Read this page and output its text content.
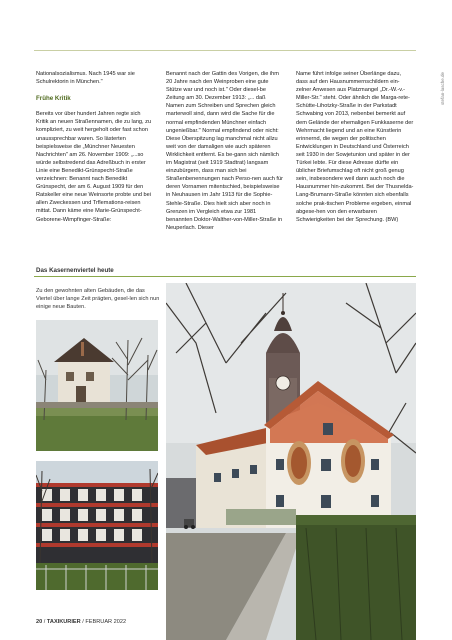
Nationalsozialismus. Nach 1945 war sie Schulrektorin in München."

Frühe Kritik

Bereits vor über hundert Jahren regte sich Kritik an neuen Straßennamen, die zu lang, zu kompliziert, zu weit hergeholt oder fast schon unaussprechbar waren. So lästerten beispielsweise die „Münchner Neuesten Nachrichten" am 26. November 1909: „...so würde selbstredend das Adreßbuch in erster Linie eine Benedikt-Grünspecht-Straße verzeichnen: Benannt nach Benedikt Grünspecht, der am 6. August 1909 für den Ratskeller eine neue Weinsorte probte und bei allen Zweckessen und Trflemations-reisen mittat. Dann käme eine Marie-Grünspecht- Geborene-Wimpfinger-Straße:

Benannt nach der Gattin des Vorigen, die ihm 20 Jahre nach den Weinproben eine gute Stütze war und noch ist." Oder diesel-be Zeitung am 30. Dezember 1913: „... daß Namen zum Schreiben und Sprechen gleich marterwoll sind, dann wird die Sache für die normal empfindenden Münchner einfach ungenießbar." Normal empfindend oder nicht: Diese Überspitzung lag manchmal nicht allzu weit von der damaligen wie auch späteren Wirklichkeit entfernt. Es be-gann sich nämlich im Magistrat (seit 1919 Stadtrat) langsam einzubürgern, dass man sich bei Straßenbenennungen nach Perso-nen auch für deren Vornamen mitentschied, beispielsweise in Neuhausen im Jahr 1913 für die Sophie-Stehle-Straße. Dies hielt sich aber noch in Grenzen im Vergleich etwa zur 1981 benannten Doktor-Walther-von-Miller-Straße in Neuperlach. Dieser

Name führt infolge seiner Überlänge dazu, dass auf den Hausnummernschildern ein-zelner Anwesen aus Platzmangel „Dr.-W.-v.-Miller-Str." steht. Oder ähnlich die Marga-rete-Schütte-Lihotzky-Straße in der Parkstadt Schwabing von 2013, nebenbei bemerkt auf dem Gelände der ehemaligen Funkkaserne der Wehrmacht liegend und an eine Künstlerin erinnernd, die wegen der politischen Entwicklungen in Deutschland und Österreich seit 1930 in der Sowjetunion und später in der Türkei lebte. Für diese Adresse dürfte ein üblicher Briefumschlag oft nicht groß genug sein, insbesondere weil dann auch noch die Hausnummer hin-zukommt. Bei der Thusnelda-Lang-Brumann-Straße könnten sich ebenfalls solche prak-tischen Probleme ergeben, einmal abgese-hen von den erwarbaren Schwierigkeiten bei der Sprechung. (BW)

stefan-lasche.de
Das Kasernenviertel heute
Zu den gewohnten alten Gebäuden, die das Viertel über lange Zeit prägten, gesel-len sich nun einige neue Bauten.
20 / TAXIKURIER / FEBRUAR 2022
